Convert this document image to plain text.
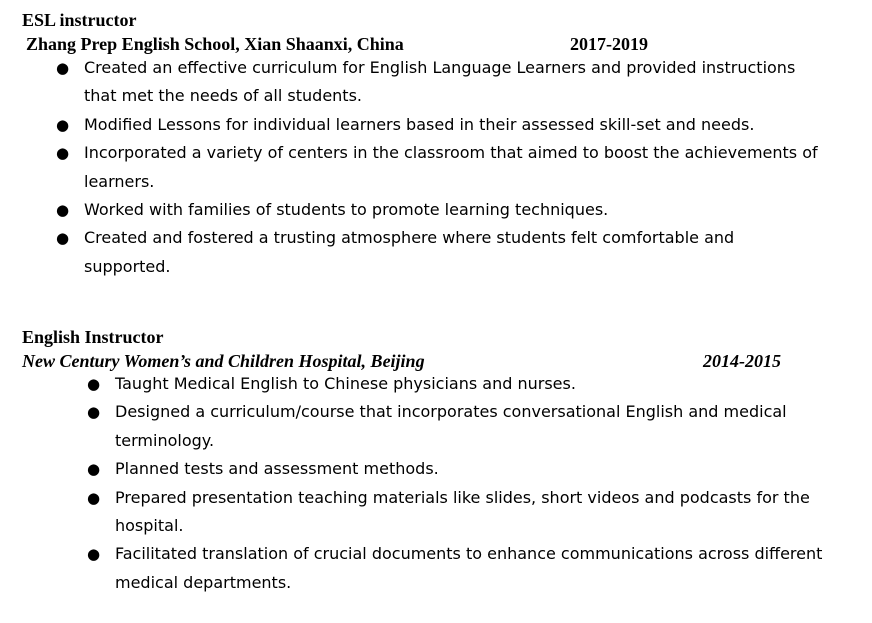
ESL instructor
Zhang Prep English School, Xian Shaanxi, China	2017-2019
● Created an effective curriculum for English Language Learners and provided instructions that met the needs of all students.
● Modified Lessons for individual learners based in their assessed skill-set and needs.
● Incorporated a variety of centers in the classroom that aimed to boost the achievements of learners.
● Worked with families of students to promote learning techniques.
● Created and fostered a trusting atmosphere where students felt comfortable and supported.
English Instructor
New Century Women’s and Children Hospital, Beijing	2014-2015
● Taught Medical English to Chinese physicians and nurses.
● Designed a curriculum/course that incorporates conversational English and medical terminology.
● Planned tests and assessment methods.
● Prepared presentation teaching materials like slides, short videos and podcasts for the hospital.
● Facilitated translation of crucial documents to enhance communications across different medical departments.
